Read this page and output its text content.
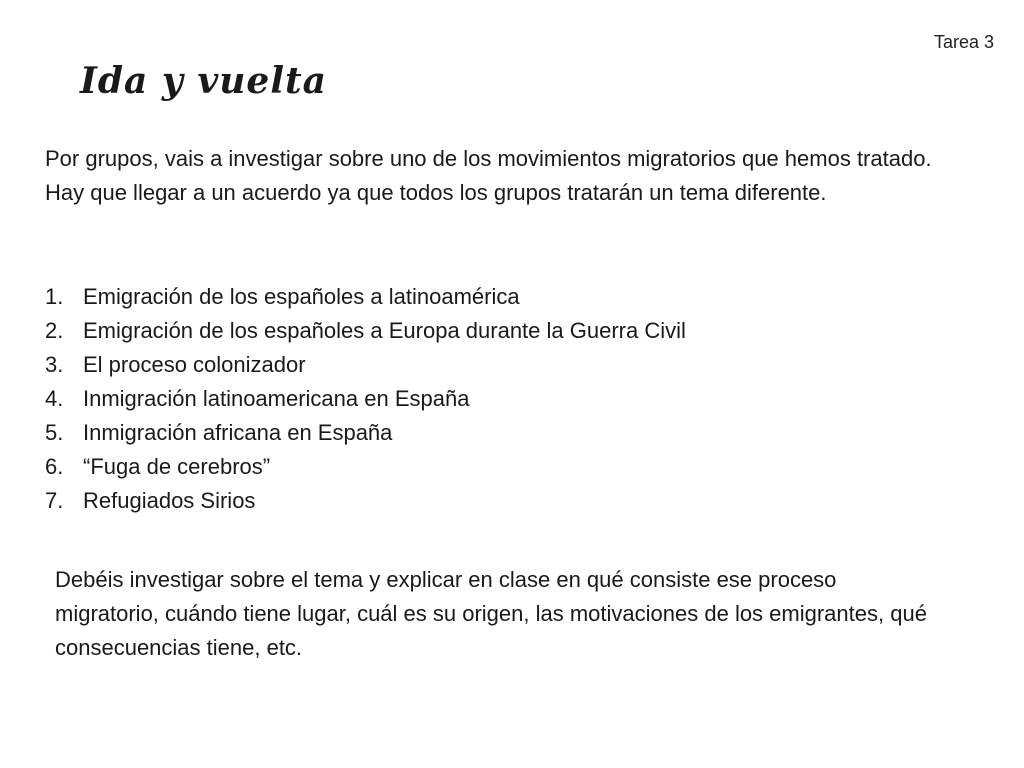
Tarea 3
Ida y vuelta

Por grupos, vais a investigar sobre uno de los movimientos migratorios que hemos tratado. Hay que llegar a un acuerdo ya que todos los grupos tratarán un tema diferente.

1. Emigración de los españoles a latinoamérica
2. Emigración de los españoles a Europa durante la Guerra Civil
3. El proceso colonizador
4. Inmigración latinoamericana en España
5. Inmigración africana en España
6. “Fuga de cerebros”
7. Refugiados Sirios

Debéis investigar sobre el tema y explicar en clase en qué consiste ese proceso migratorio, cuándo tiene lugar, cuál es su origen, las motivaciones de los emigrantes, qué consecuencias tiene, etc.
